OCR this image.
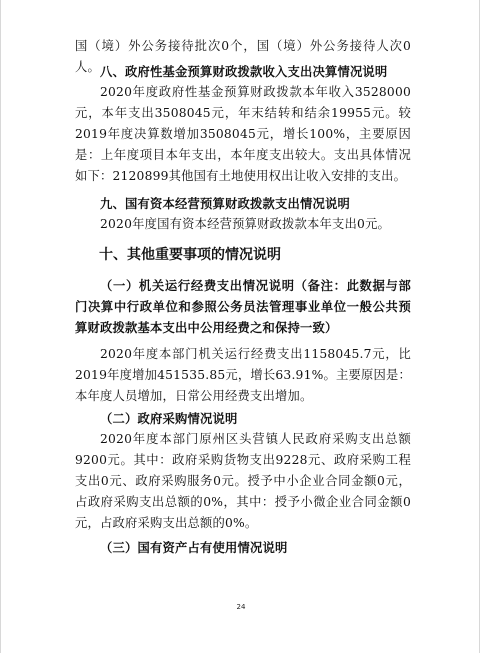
国（境）外公务接待批次0个，国（境）外公务接待人次0人。 八、政府性基金预算财政拨款收入支出决算情况说明

2020年度政府性基金预算财政拨款本年收入3528000元，本年支出3508045元，年末结转和结余19955元。较2019年度决算数增加3508045元，增长100%，主要原因是：上年度项目本年支出，本年度支出较大。支出具体情况如下：2120899其他国有土地使用权出让收入安排的支出。

九、国有资本经营预算财政拨款支出情况说明

2020年度国有资本经营预算财政拨款本年支出0元。

十、其他重要事项的情况说明

（一）机关运行经费支出情况说明（备注：此数据与部门决算中行政单位和参照公务员法管理事业单位一般公共预算财政拨款基本支出中公用经费之和保持一致）

2020年度本部门机关运行经费支出1158045.7元，比2019年度增加451535.85元，增长63.91%。主要原因是：本年度人员增加，日常公用经费支出增加。

（二）政府采购情况说明

2020年度本部门原州区头营镇人民政府采购支出总额9200元。其中：政府采购货物支出9228元、政府采购工程支出0元、政府采购服务0元。授予中小企业合同金额0元，占政府采购支出总额的0%，其中：授予小微企业合同金额0元，占政府采购支出总额的0%。

（三）国有资产占有使用情况说明

24
